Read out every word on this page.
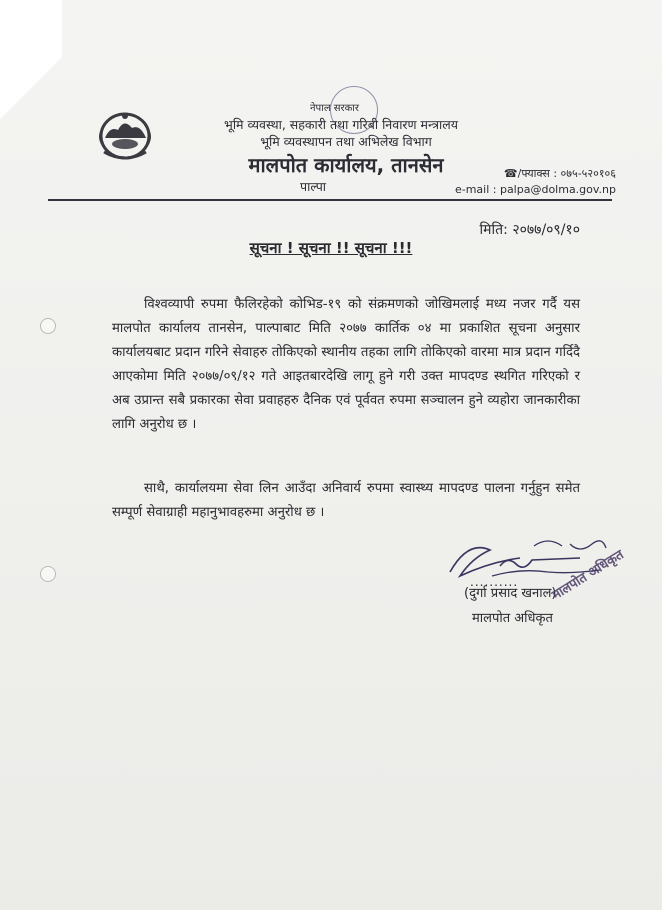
नेपाल सरकार
भूमि व्यवस्था, सहकारी तथा गरिबी निवारण मन्त्रालय
भूमि व्यवस्थापन तथा अभिलेख विभाग
मालपोत कार्यालय, तानसेन
पाल्पा
☎/फ्याक्स : ०७५-५२०१०६
e-mail : palpa@dolma.gov.np
मिति: २०७७/०९/१०
सूचना ! सूचना !! सूचना !!!
विश्वव्यापी रुपमा फैलिरहेको कोभिड-१९ को संक्रमणको जोखिमलाई मध्य नजर गर्दै यस मालपोत कार्यालय तानसेन, पाल्पाबाट मिति २०७७ कार्तिक ०४ मा प्रकाशित सूचना अनुसार कार्यालयबाट प्रदान गरिने सेवाहरु तोकिएको स्थानीय तहका लागि तोकिएको वारमा मात्र प्रदान गर्दिदै आएकोमा मिति २०७७/०९/१२ गते आइतबारदेखि लागू हुने गरी उक्त मापदण्ड स्थगित गरिएको र अब उप्रान्त सबै प्रकारका सेवा प्रवाहहरु दैनिक एवं पूर्ववत रुपमा सञ्चालन हुने व्यहोरा जानकारीका लागि अनुरोध छ ।
साथै, कार्यालयमा सेवा लिन आउँदा अनिवार्य रुपमा स्वास्थ्य मापदण्ड पालना गर्नुहुन समेत सम्पूर्ण सेवाग्राही महानुभावहरुमा अनुरोध छ ।
..........
(दुर्गा प्रसाद खनाल)
मालपोत अधिकृत
मालपोत अधिकृत
